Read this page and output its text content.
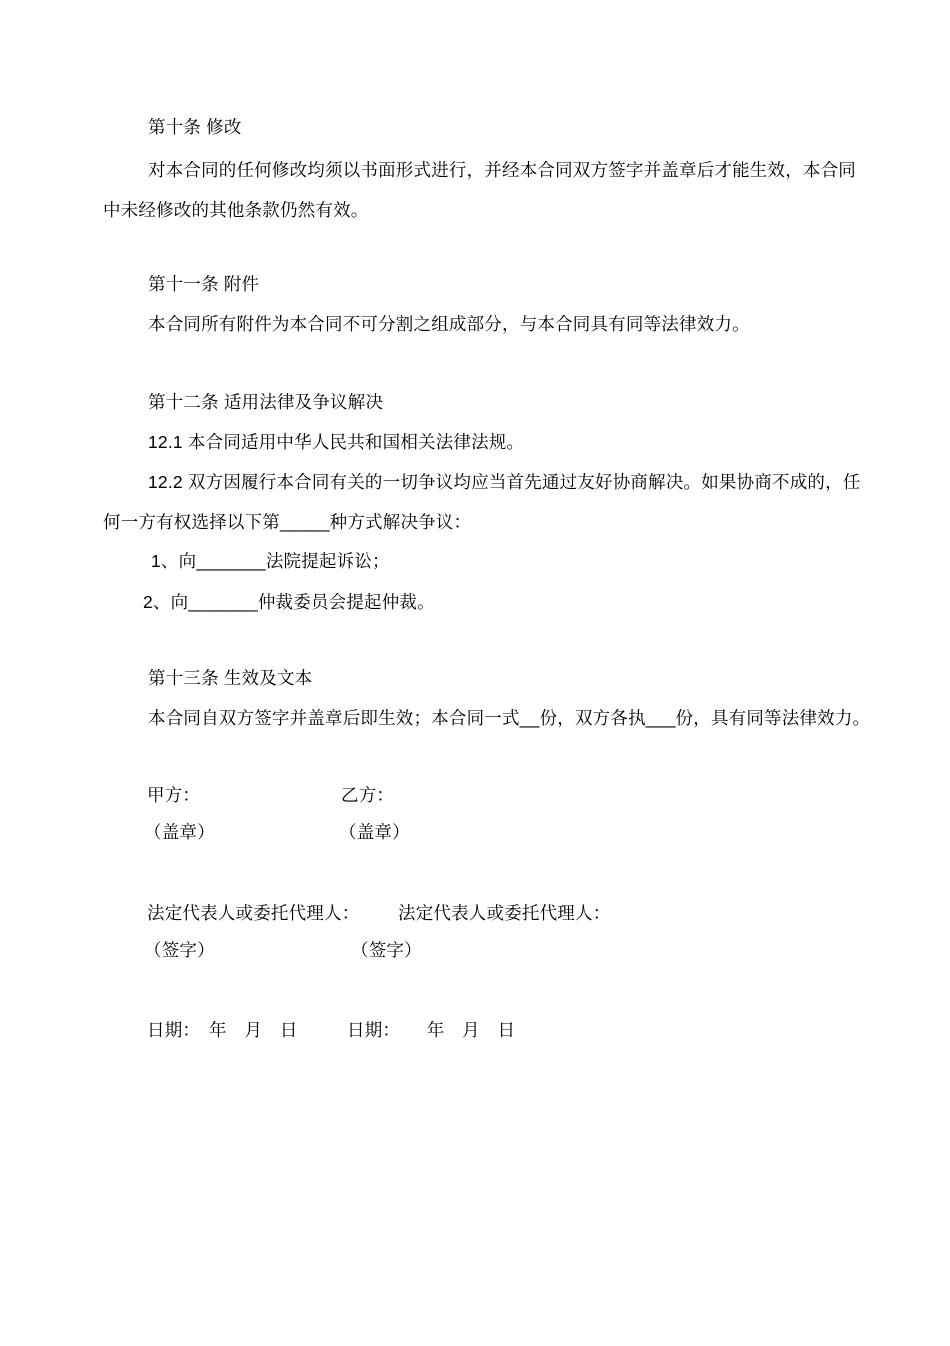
第十条 修改
对本合同的任何修改均须以书面形式进行，并经本合同双方签字并盖章后才能生效，本合同
中未经修改的其他条款仍然有效。
第十一条 附件
本合同所有附件为本合同不可分割之组成部分，与本合同具有同等法律效力。
第十二条 适用法律及争议解决
12.1 本合同适用中华人民共和国相关法律法规。
12.2 双方因履行本合同有关的一切争议均应当首先通过友好协商解决。如果协商不成的，任
何一方有权选择以下第_____种方式解决争议：
1、向_______法院提起诉讼；
2、向_______仲裁委员会提起仲裁。
第十三条 生效及文本
本合同自双方签字并盖章后即生效；本合同一式__份，双方各执___份，具有同等法律效力。
甲方：	乙方：
（盖章）	（盖章）
法定代表人或委托代理人： 法定代表人或委托代理人：
（签字）	（签字）
日期：　年　月　日	日期：　　年　月　日
